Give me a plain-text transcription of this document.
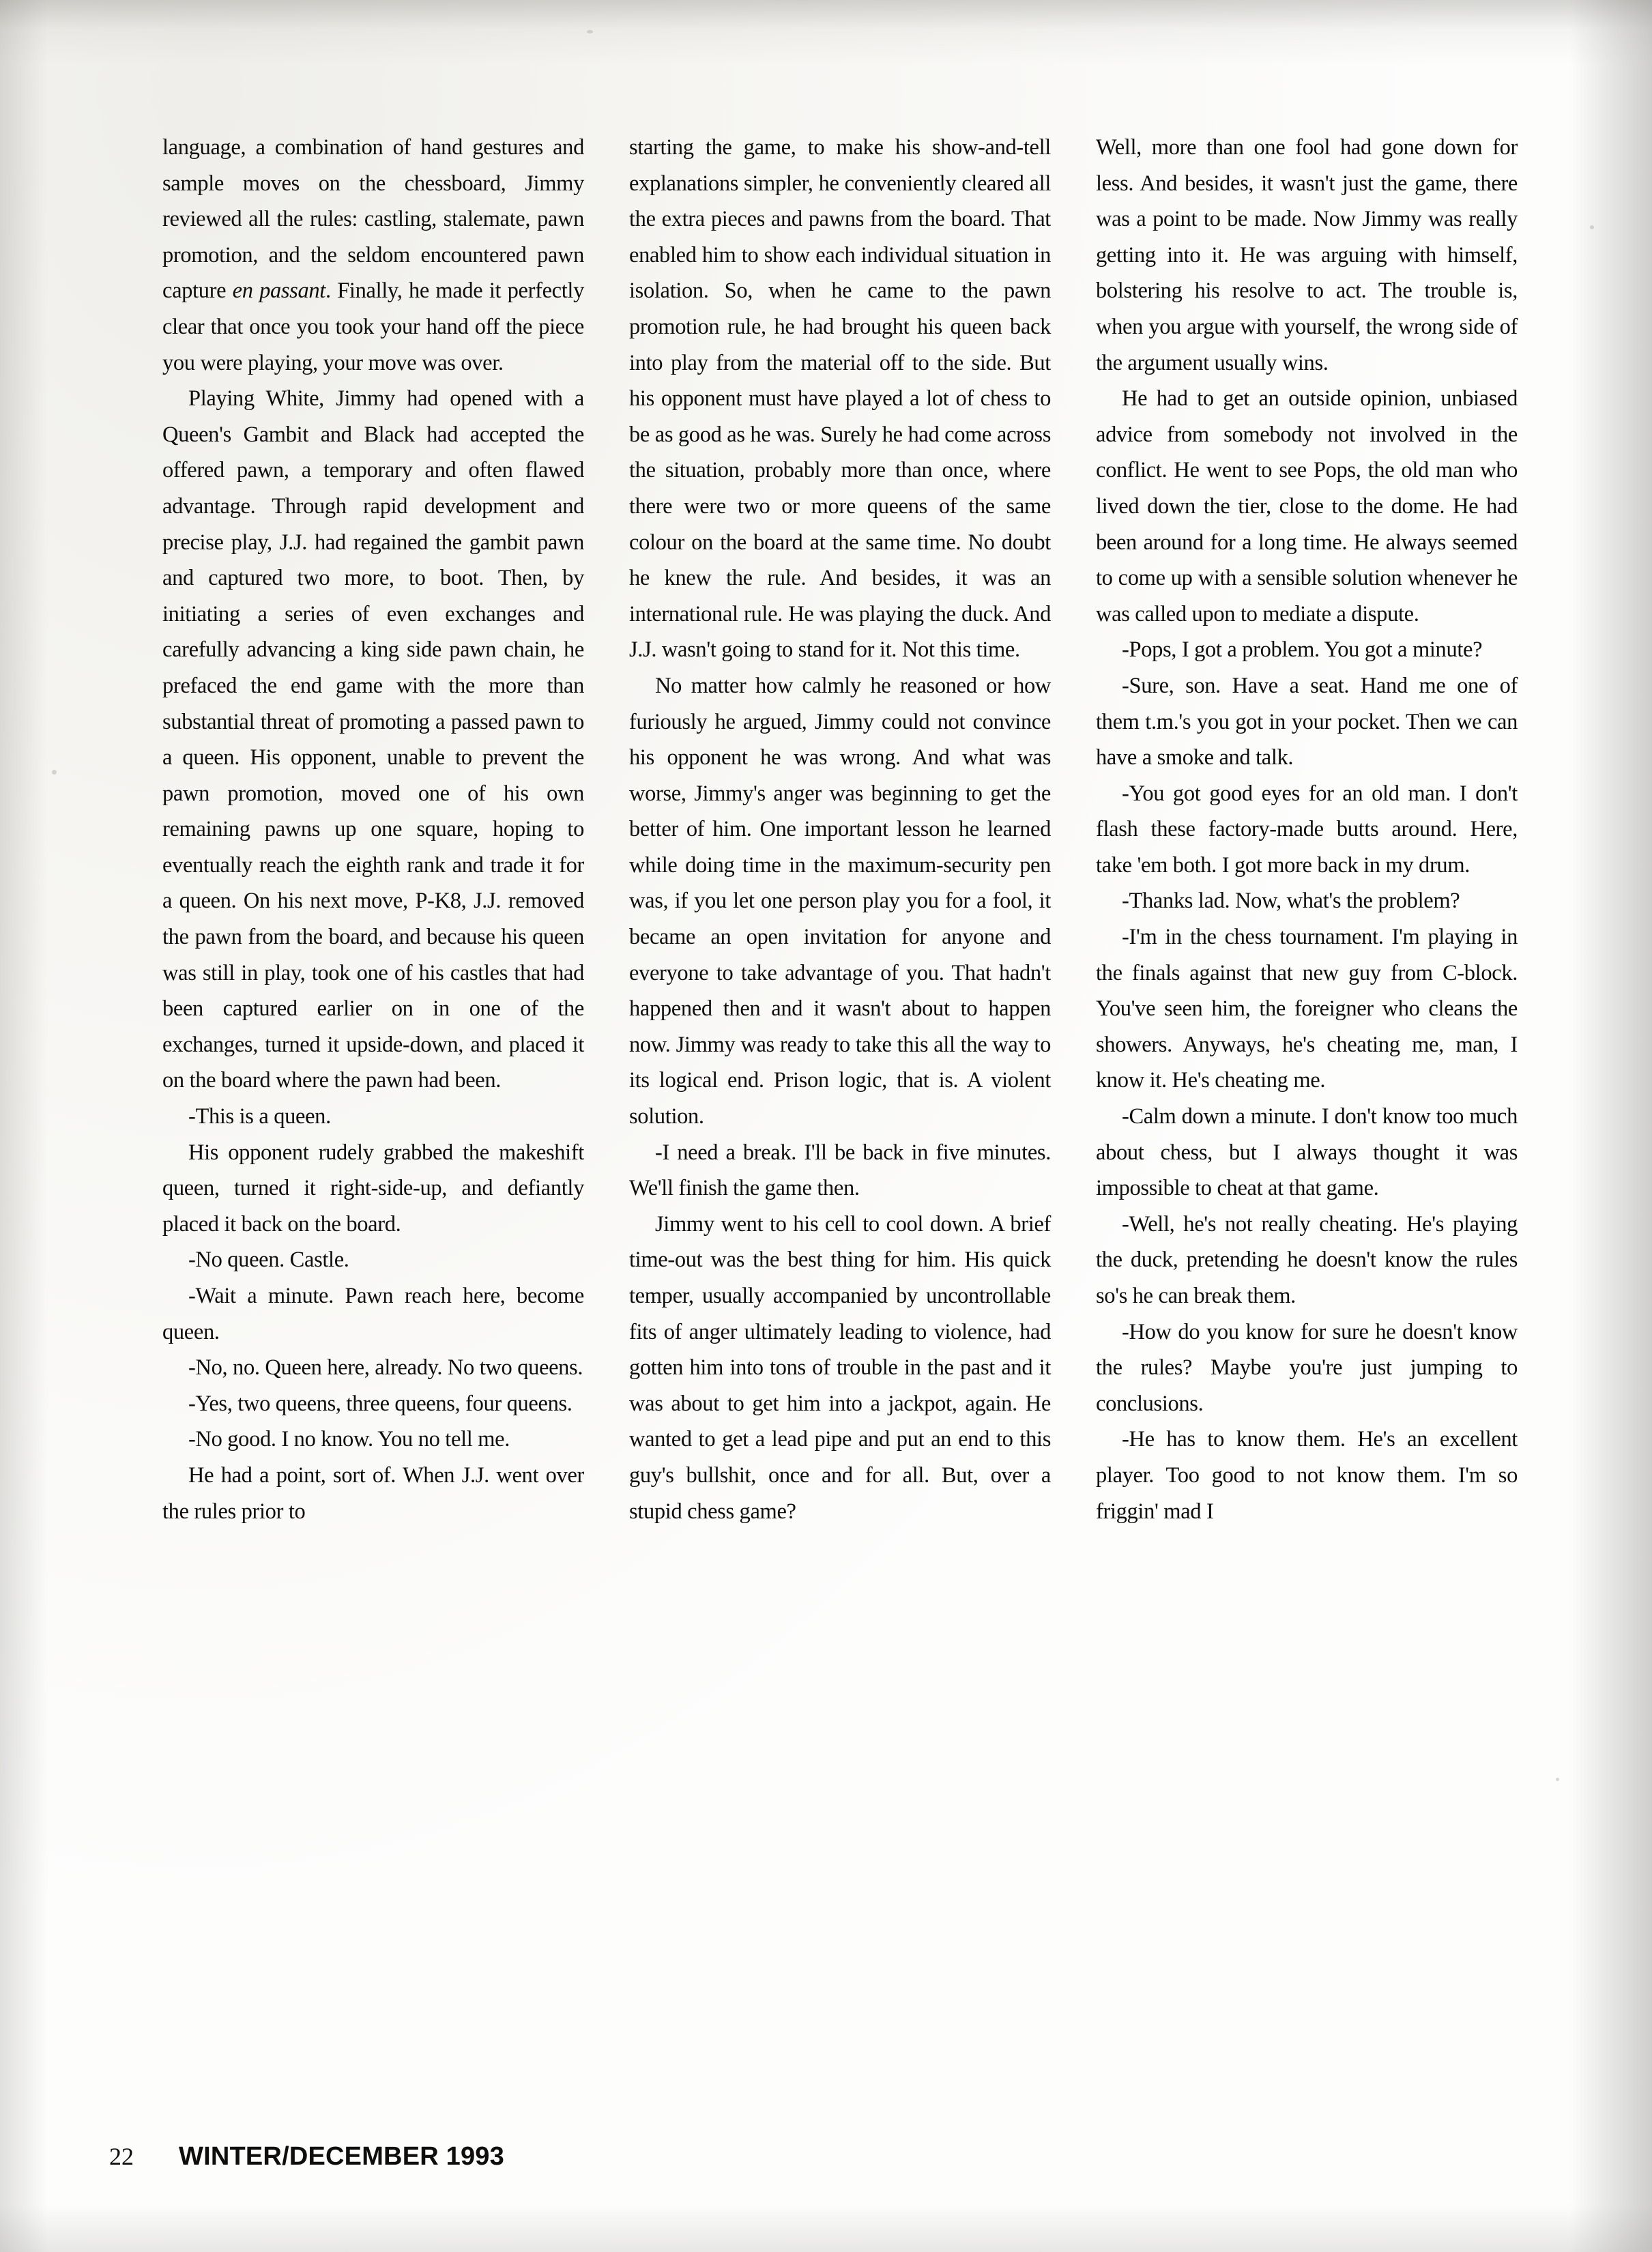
language, a combination of hand gestures and sample moves on the chessboard, Jimmy reviewed all the rules: castling, stalemate, pawn promotion, and the seldom encountered pawn capture en passant. Finally, he made it perfectly clear that once you took your hand off the piece you were playing, your move was over.

Playing White, Jimmy had opened with a Queen's Gambit and Black had accepted the offered pawn, a temporary and often flawed advantage. Through rapid development and precise play, J.J. had regained the gambit pawn and captured two more, to boot. Then, by initiating a series of even exchanges and carefully advancing a king side pawn chain, he prefaced the end game with the more than substantial threat of promoting a passed pawn to a queen. His opponent, unable to prevent the pawn promotion, moved one of his own remaining pawns up one square, hoping to eventually reach the eighth rank and trade it for a queen. On his next move, P-K8, J.J. removed the pawn from the board, and because his queen was still in play, took one of his castles that had been captured earlier on in one of the exchanges, turned it upside-down, and placed it on the board where the pawn had been.

-This is a queen.

His opponent rudely grabbed the makeshift queen, turned it right-side-up, and defiantly placed it back on the board.

-No queen. Castle.

-Wait a minute. Pawn reach here, become queen.

-No, no. Queen here, already. No two queens.

-Yes, two queens, three queens, four queens.

-No good. I no know. You no tell me.

He had a point, sort of. When J.J. went over the rules prior to

starting the game, to make his show-and-tell explanations simpler, he conveniently cleared all the extra pieces and pawns from the board. That enabled him to show each individual situation in isolation. So, when he came to the pawn promotion rule, he had brought his queen back into play from the material off to the side. But his opponent must have played a lot of chess to be as good as he was. Surely he had come across the situation, probably more than once, where there were two or more queens of the same colour on the board at the same time. No doubt he knew the rule. And besides, it was an international rule. He was playing the duck. And J.J. wasn't going to stand for it. Not this time.

No matter how calmly he reasoned or how furiously he argued, Jimmy could not convince his opponent he was wrong. And what was worse, Jimmy's anger was beginning to get the better of him. One important lesson he learned while doing time in the maximum-security pen was, if you let one person play you for a fool, it became an open invitation for anyone and everyone to take advantage of you. That hadn't happened then and it wasn't about to happen now. Jimmy was ready to take this all the way to its logical end. Prison logic, that is. A violent solution.

-I need a break. I'll be back in five minutes. We'll finish the game then.

Jimmy went to his cell to cool down. A brief time-out was the best thing for him. His quick temper, usually accompanied by uncontrollable fits of anger ultimately leading to violence, had gotten him into tons of trouble in the past and it was about to get him into a jackpot, again. He wanted to get a lead pipe and put an end to this guy's bullshit, once and for all. But, over a stupid chess game?

Well, more than one fool had gone down for less. And besides, it wasn't just the game, there was a point to be made. Now Jimmy was really getting into it. He was arguing with himself, bolstering his resolve to act. The trouble is, when you argue with yourself, the wrong side of the argument usually wins.

He had to get an outside opinion, unbiased advice from somebody not involved in the conflict. He went to see Pops, the old man who lived down the tier, close to the dome. He had been around for a long time. He always seemed to come up with a sensible solution whenever he was called upon to mediate a dispute.

-Pops, I got a problem. You got a minute?

-Sure, son. Have a seat. Hand me one of them t.m.'s you got in your pocket. Then we can have a smoke and talk.

-You got good eyes for an old man. I don't flash these factory-made butts around. Here, take 'em both. I got more back in my drum.

-Thanks lad. Now, what's the problem?

-I'm in the chess tournament. I'm playing in the finals against that new guy from C-block. You've seen him, the foreigner who cleans the showers. Anyways, he's cheating me, man, I know it. He's cheating me.

-Calm down a minute. I don't know too much about chess, but I always thought it was impossible to cheat at that game.

-Well, he's not really cheating. He's playing the duck, pretending he doesn't know the rules so's he can break them.

-How do you know for sure he doesn't know the rules? Maybe you're just jumping to conclusions.

-He has to know them. He's an excellent player. Too good to not know them. I'm so friggin' mad I

22 WINTER/DECEMBER 1993
